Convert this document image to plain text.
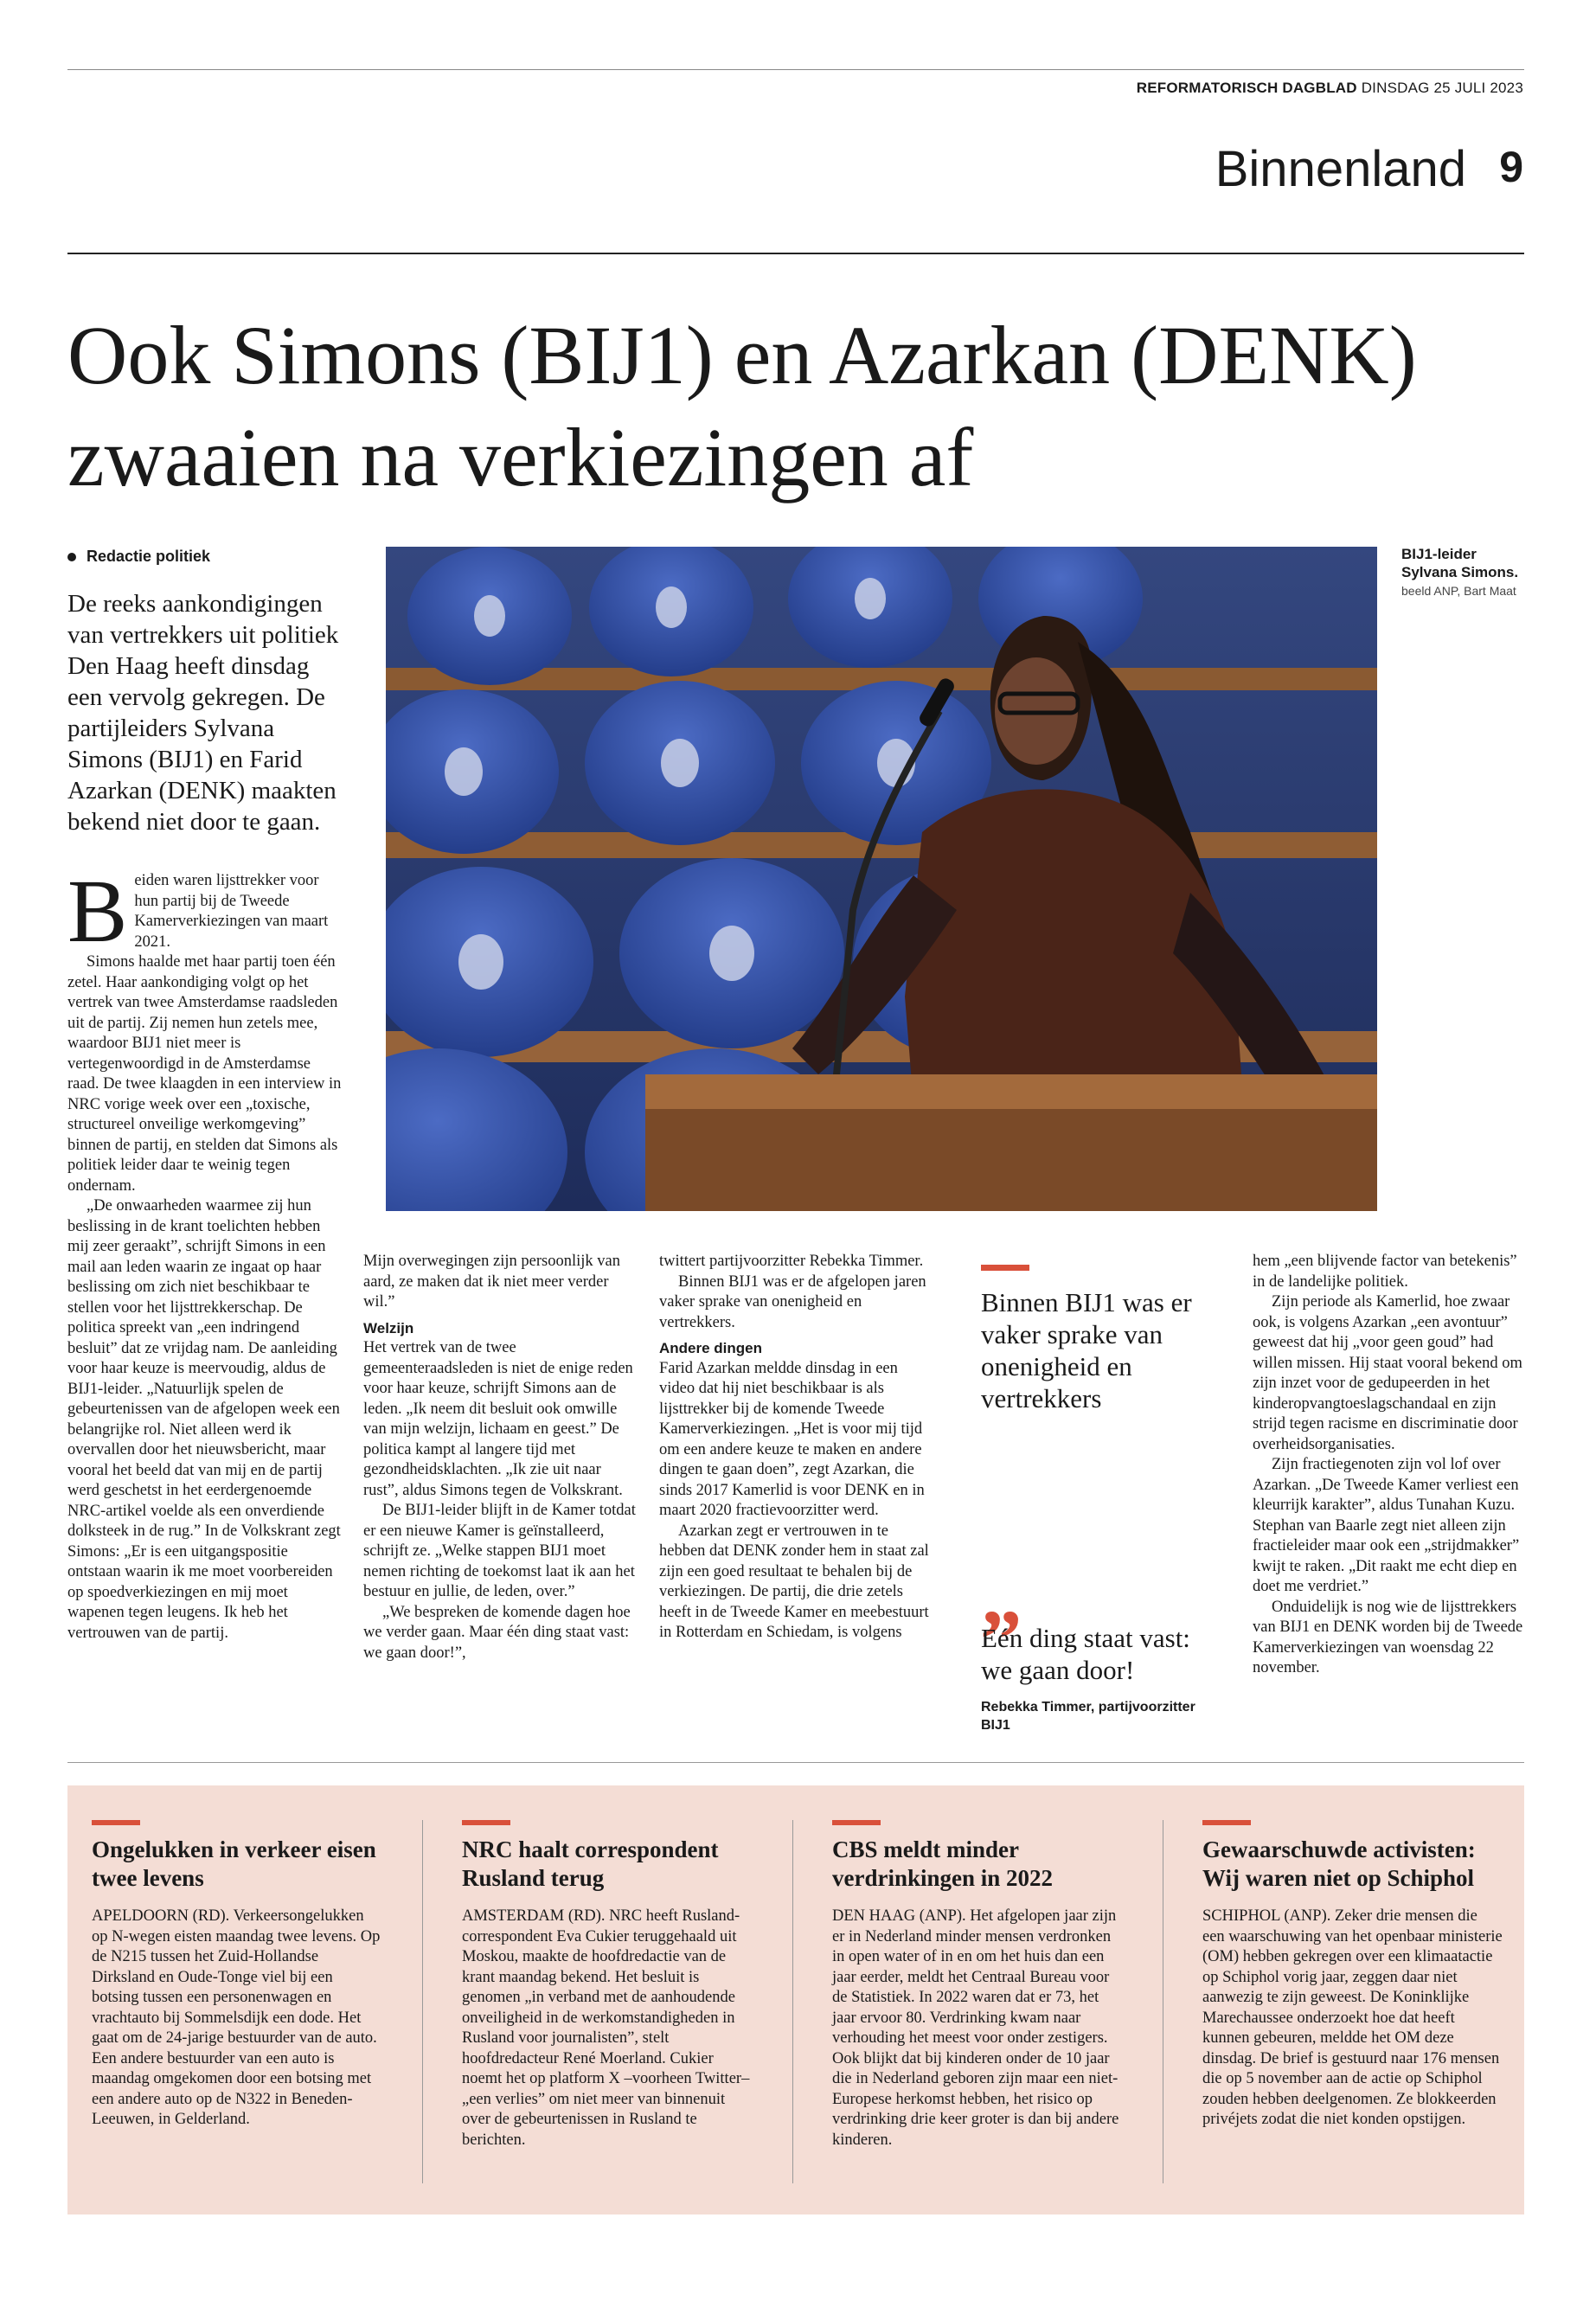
REFORMATORISCH DAGBLAD DINSDAG 25 JULI 2023
Binnenland 9
Ook Simons (BIJ1) en Azarkan (DENK)
zwaaien na verkiezingen af
Redactie politiek
De reeks aankondigingen van vertrekkers uit politiek Den Haag heeft dinsdag een vervolg gekregen. De partijleiders Sylvana Simons (BIJ1) en Farid Azarkan (DENK) maakten bekend niet door te gaan.

Beiden waren lijsttrekker voor hun partij bij de Tweede Kamerverkiezingen van maart 2021.

Simons haalde met haar partij toen één zetel. Haar aankondiging volgt op het vertrek van twee Amsterdamse raadsleden uit de partij. Zij nemen hun zetels mee, waardoor BIJ1 niet meer is vertegenwoordigd in de Amsterdamse raad. De twee klaagden in een interview in NRC vorige week over een „toxische, structureel onveilige werkomgeving” binnen de partij, en stelden dat Simons als politiek leider daar te weinig tegen ondernam.

„De onwaarheden waarmee zij hun beslissing in de krant toelichten hebben mij zeer geraakt”, schrijft Simons in een mail aan leden waarin ze ingaat op haar beslissing om zich niet beschikbaar te stellen voor het lijsttrekkerschap. De politica spreekt van „een indringend besluit” dat ze vrijdag nam. De aanleiding voor haar keuze is meervoudig, aldus de BIJ1-leider. „Natuurlijk spelen de gebeurtenissen van de afgelopen week een belangrijke rol. Niet alleen werd ik overvallen door het nieuwsbericht, maar vooral het beeld dat van mij en de partij werd geschetst in het eerdergenoemde NRC-artikel voelde als een onverdiende dolksteek in de rug.” In de Volkskrant zegt Simons: „Er is een uitgangspositie ontstaan waarin ik me moet voorbereiden op spoedverkiezingen en mij moet wapenen tegen leugens. Ik heb het vertrouwen van de partij.

BIJ1-leider Sylvana Simons. beeld ANP, Bart Maat

Mijn overwegingen zijn persoonlijk van aard, ze maken dat ik niet meer verder wil.”

Welzijn

Het vertrek van de twee gemeenteraadsleden is niet de enige reden voor haar keuze, schrijft Simons aan de leden. „Ik neem dit besluit ook omwille van mijn welzijn, lichaam en geest.” De politica kampt al langere tijd met gezondheidsklachten. „Ik zie uit naar rust”, aldus Simons tegen de Volkskrant.

De BIJ1-leider blijft in de Kamer totdat er een nieuwe Kamer is geïnstalleerd, schrijft ze. „Welke stappen BIJ1 moet nemen richting de toekomst laat ik aan het bestuur en jullie, de leden, over.”

„We bespreken de komende dagen hoe we verder gaan. Maar één ding staat vast: we gaan door!”,

twittert partijvoorzitter Rebekka Timmer.

Binnen BIJ1 was er de afgelopen jaren vaker sprake van onenigheid en vertrekkers.

Andere dingen

Farid Azarkan meldde dinsdag in een video dat hij niet beschikbaar is als lijsttrekker bij de komende Tweede Kamerverkiezingen. „Het is voor mij tijd om een andere keuze te maken en andere dingen te gaan doen”, zegt Azarkan, die sinds 2017 Kamerlid is voor DENK en in maart 2020 fractievoorzitter werd.

Azarkan zegt er vertrouwen in te hebben dat DENK zonder hem in staat zal zijn een goed resultaat te behalen bij de verkiezingen. De partij, die drie zetels heeft in de Tweede Kamer en meebestuurt in Rotterdam en Schiedam, is volgens

Binnen BIJ1 was er vaker sprake van onenigheid en vertrekkers
„
Eén ding staat vast: we gaan door!
Rebekka Timmer, partijvoorzitter BIJ1

hem „een blijvende factor van betekenis” in de landelijke politiek.

Zijn periode als Kamerlid, hoe zwaar ook, is volgens Azarkan „een avontuur” geweest dat hij „voor geen goud” had willen missen. Hij staat vooral bekend om zijn inzet voor de gedupeerden in het kinderopvangtoeslagschandaal en zijn strijd tegen racisme en discriminatie door overheidsorganisaties.

Zijn fractiegenoten zijn vol lof over Azarkan. „De Tweede Kamer verliest een kleurrijk karakter”, aldus Tunahan Kuzu. Stephan van Baarle zegt niet alleen zijn fractieleider maar ook een „strijdmakker” kwijt te raken. „Dit raakt me echt diep en doet me verdriet.”

Onduidelijk is nog wie de lijsttrekkers van BIJ1 en DENK worden bij de Tweede Kamerverkiezingen van woensdag 22 november.

Ongelukken in verkeer eisen twee levens

APELDOORN (RD). Verkeersongelukken op N-wegen eisten maandag twee levens. Op de N215 tussen het Zuid-Hollandse Dirksland en Oude-Tonge viel bij een botsing tussen een personenwagen en vrachtauto bij Sommelsdijk een dode. Het gaat om de 24-jarige bestuurder van de auto. Een andere bestuurder van een auto is maandag omgekomen door een botsing met een andere auto op de N322 in Beneden-Leeuwen, in Gelderland.

NRC haalt correspondent Rusland terug

AMSTERDAM (RD). NRC heeft Rusland-correspondent Eva Cukier teruggehaald uit Moskou, maakte de hoofdredactie van de krant maandag bekend. Het besluit is genomen „in verband met de aanhoudende onveiligheid in de werkomstandigheden in Rusland voor journalisten”, stelt hoofdredacteur René Moerland. Cukier noemt het op platform X –voorheen Twitter– „een verlies” om niet meer van binnenuit over de gebeurtenissen in Rusland te berichten.

CBS meldt minder verdrinkingen in 2022

DEN HAAG (ANP). Het afgelopen jaar zijn er in Nederland minder mensen verdronken in open water of in en om het huis dan een jaar eerder, meldt het Centraal Bureau voor de Statistiek. In 2022 waren dat er 73, het jaar ervoor 80. Verdrinking kwam naar verhouding het meest voor onder zestigers. Ook blijkt dat bij kinderen onder de 10 jaar die in Nederland geboren zijn maar een niet-Europese herkomst hebben, het risico op verdrinking drie keer groter is dan bij andere kinderen.

Gewaarschuwde activisten: Wij waren niet op Schiphol

SCHIPHOL (ANP). Zeker drie mensen die een waarschuwing van het openbaar ministerie (OM) hebben gekregen over een klimaatactie op Schiphol vorig jaar, zeggen daar niet aanwezig te zijn geweest. De Koninklijke Marechaussee onderzoekt hoe dat heeft kunnen gebeuren, meldde het OM deze dinsdag. De brief is gestuurd naar 176 mensen die op 5 november aan de actie op Schiphol zouden hebben deelgenomen. Ze blokkeerden privéjets zodat die niet konden opstijgen.
